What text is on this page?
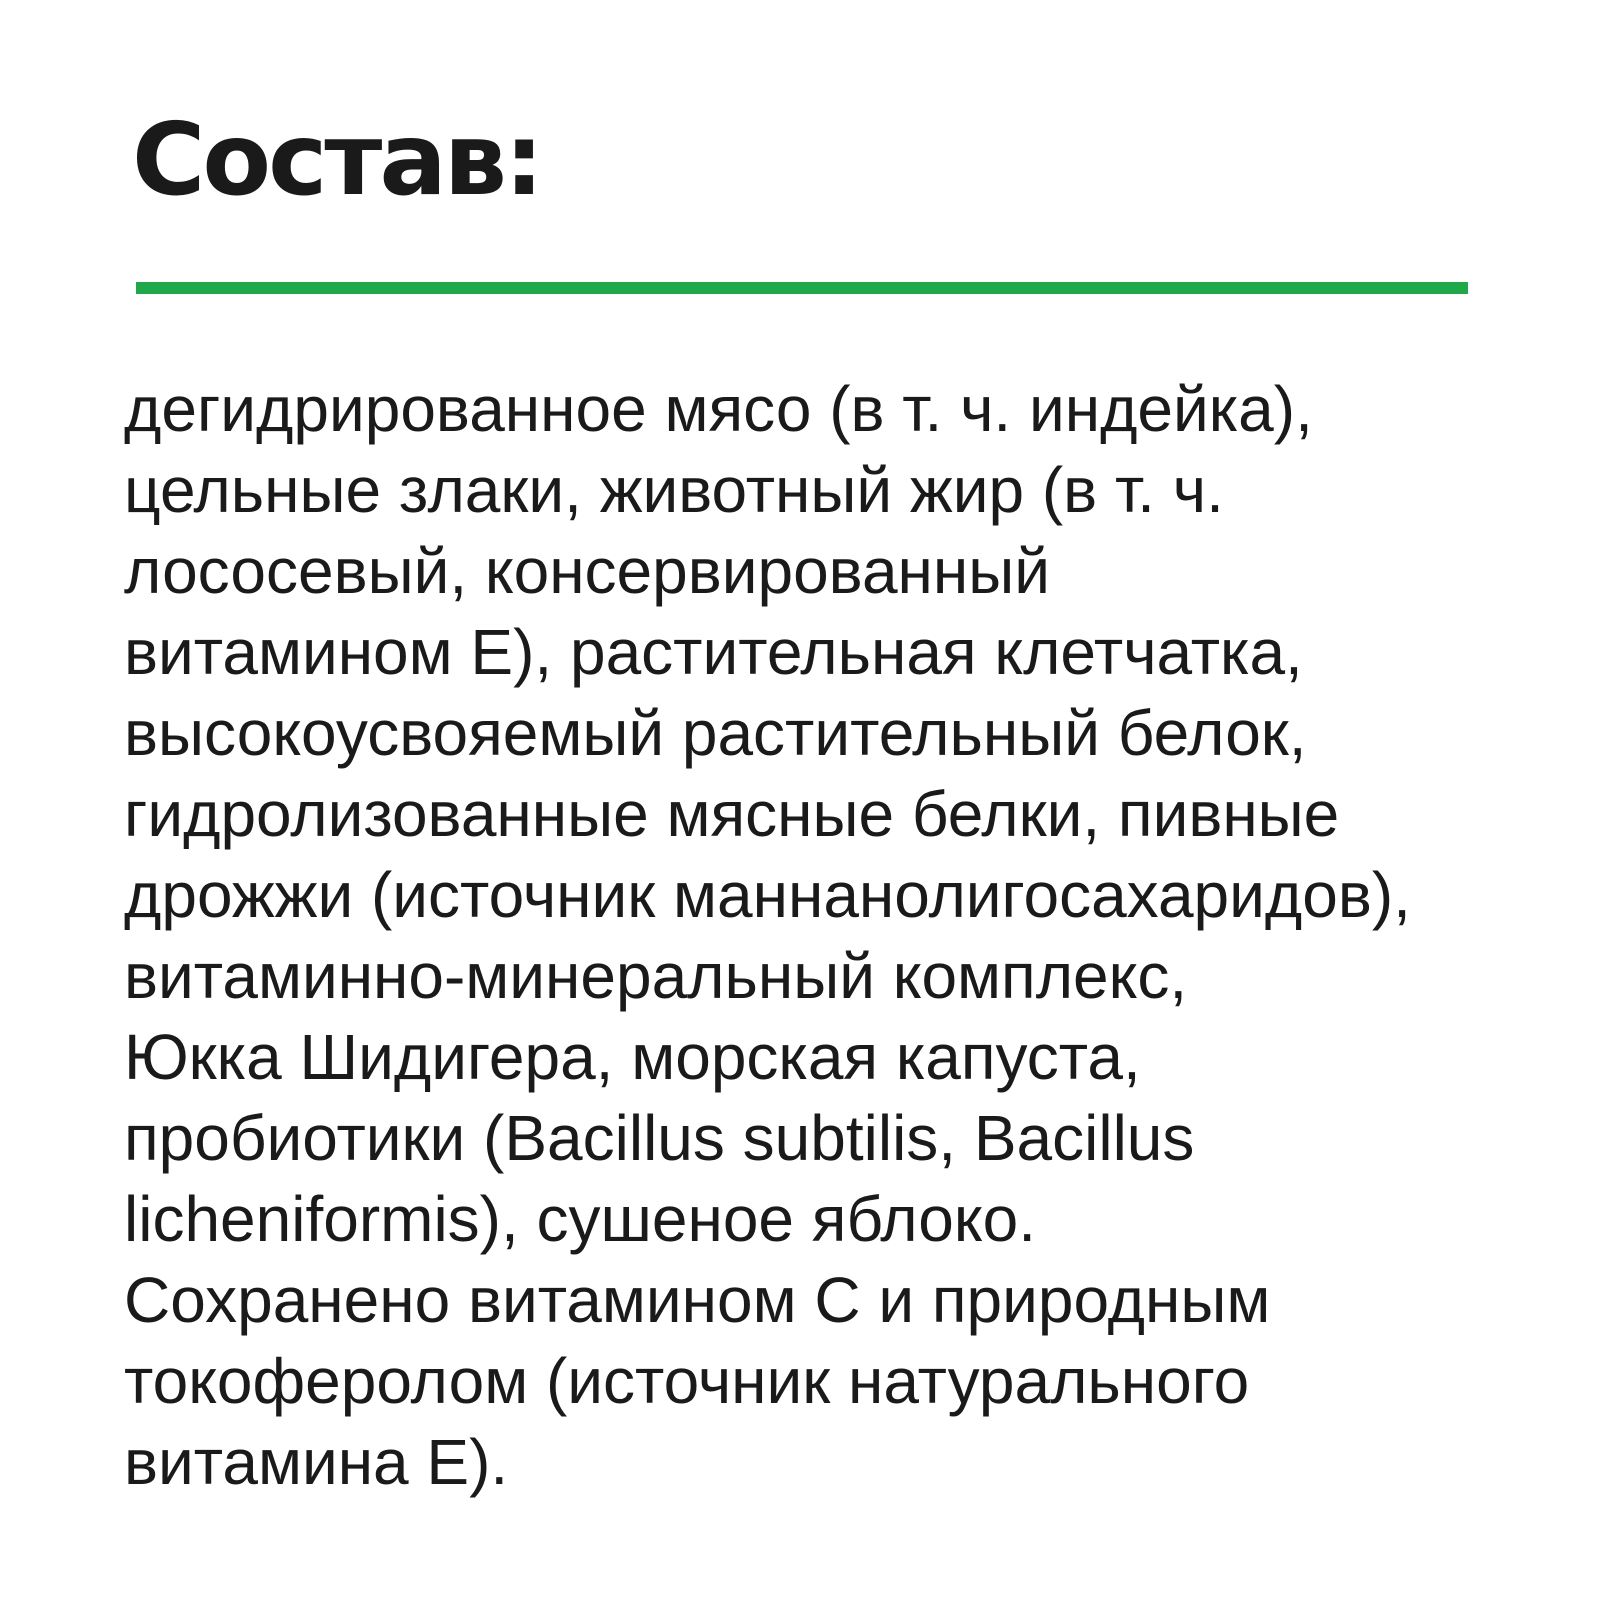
Состав:

дегидрированное мясо (в т. ч. индейка),
цельные злаки, животный жир (в т. ч.
лососевый, консервированный
витамином Е), растительная клетчатка,
высокоусвояемый растительный белок,
гидролизованные мясные белки, пивные
дрожжи (источник маннанолигосахаридов),
витаминно-минеральный комплекс,
Юкка Шидигера, морская капуста,
пробиотики (Bacillus subtilis, Bacillus
licheniformis), сушеное яблоко.
Сохранено витамином С и природным
токоферолом (источник натурального
витамина Е).
